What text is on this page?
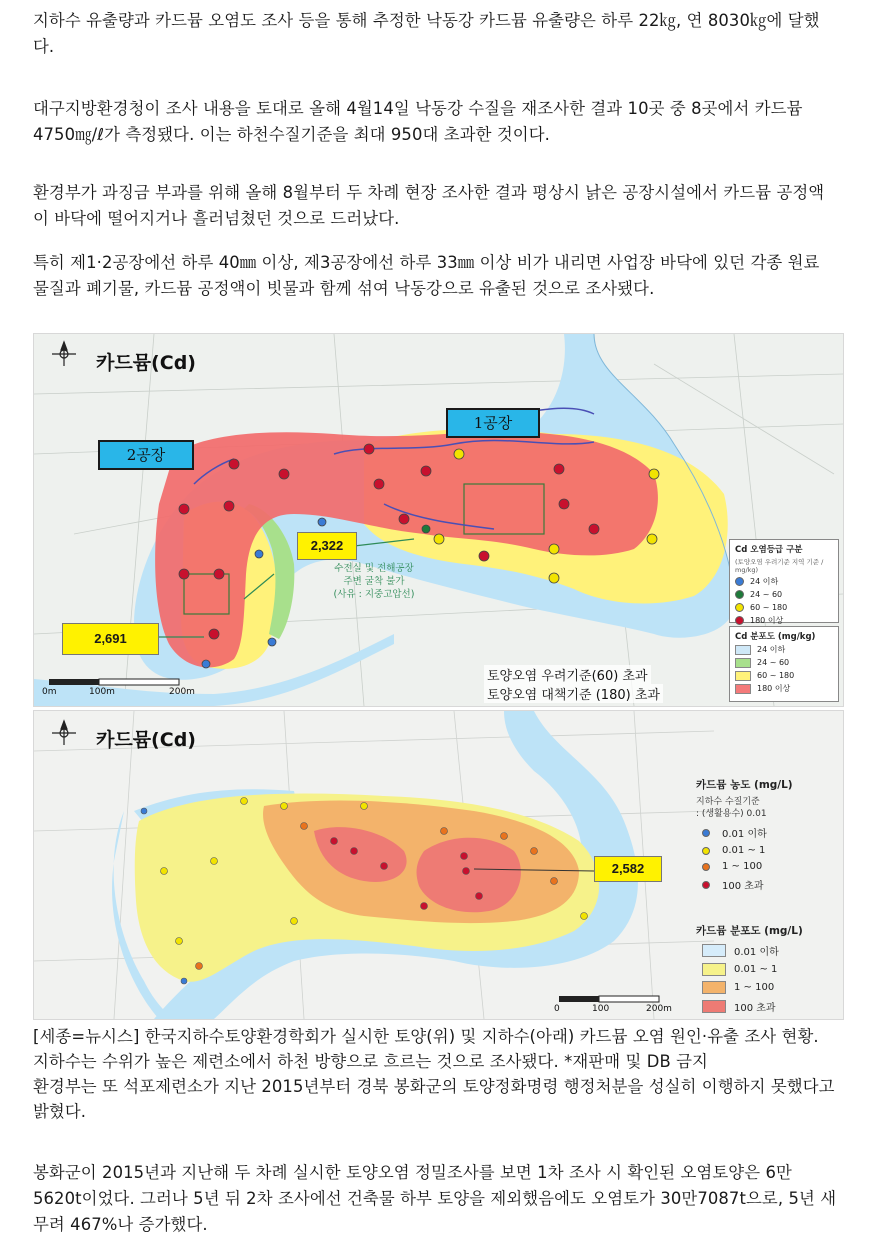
지하수 유출량과 카드뮴 오염도 조사 등을 통해 추정한 낙동강 카드뮴 유출량은 하루 22㎏, 연 8030㎏에 달했다.

대구지방환경청이 조사 내용을 토대로 올해 4월14일 낙동강 수질을 재조사한 결과 10곳 중 8곳에서 카드뮴 4750㎎/ℓ가 측정됐다. 이는 하천수질기준을 최대 950대 초과한 것이다.

환경부가 과징금 부과를 위해 올해 8월부터 두 차례 현장 조사한 결과 평상시 낡은 공장시설에서 카드뮴 공정액이 바닥에 떨어지거나 흘러넘쳤던 것으로 드러났다.

특히 제1·2공장에선 하루 40㎜ 이상, 제3공장에선 하루 33㎜ 이상 비가 내리면 사업장 바닥에 있던 각종 원료 물질과 폐기물, 카드뮴 공정액이 빗물과 함께 섞여 낙동강으로 유출된 것으로 조사됐다.

카드뮴(Cd)
2공장
1공장
2,322
2,691
수전실 및 전해공장
주변 굴착 불가
(사유 : 지중고압선)
Cd 오염등급 구분
(토양오염 우려기준 지역 기준 / mg/kg)
24 이하
24 ~ 60
60 ~ 180
180 이상
Cd 분포도 (mg/kg)
24 이하
24 ~ 60
60 ~ 180
180 이상
토양오염 우려기준(60) 초과
토양오염 대책기준 (180) 초과
0m	100m	200m
카드뮴(Cd)
2,582
카드뮴 농도 (mg/L)
지하수 수질기준
: (생활용수) 0.01
0.01 이하
0.01 ~ 1
1 ~ 100
100 초과
카드뮴 분포도 (mg/L)
0.01 이하
0.01 ~ 1
1 ~ 100
100 초과
0	100	200m

[세종=뉴시스] 한국지하수토양환경학회가 실시한 토양(위) 및 지하수(아래) 카드뮴 오염 원인·유출 조사 현황. 지하수는 수위가 높은 제련소에서 하천 방향으로 흐르는 것으로 조사됐다. *재판매 및 DB 금지
환경부는 또 석포제련소가 지난 2015년부터 경북 봉화군의 토양정화명령 행정처분을 성실히 이행하지 못했다고 밝혔다.

봉화군이 2015년과 지난해 두 차례 실시한 토양오염 정밀조사를 보면 1차 조사 시 확인된 오염토양은 6만5620t이었다. 그러나 5년 뒤 2차 조사에선 건축물 하부 토양을 제외했음에도 오염토가 30만7087t으로, 5년 새 무려 467%나 증가했다.
